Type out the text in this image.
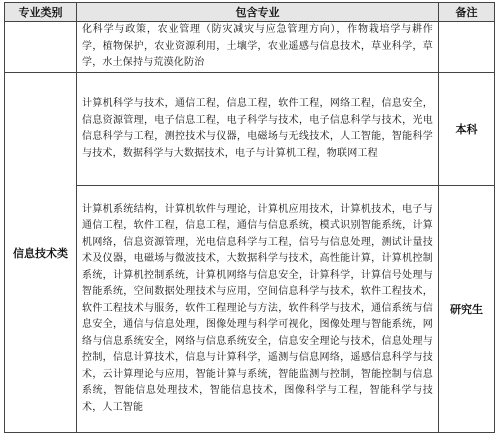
专业类别	包含专业	备注

	化科学与政策，农业管理（防灾减灾与应急管理方向），作物栽培学与耕作学，植物保护，农业资源利用，土壤学，农业遥感与信息技术，草业科学，草学，水土保持与荒漠化防治	

信息技术类	计算机科学与技术，通信工程，信息工程，软件工程，网络工程，信息安全，信息资源管理，电子信息工程，电子科学与技术，电子信息科学与技术，光电信息科学与工程，测控技术与仪器，电磁场与无线技术，人工智能，智能科学与技术，数据科学与大数据技术，电子与计算机工程，物联网工程	本科

	计算机系统结构，计算机软件与理论，计算机应用技术，计算机技术，电子与通信工程，软件工程，信息工程，通信与信息系统，模式识别智能系统，计算机网络，信息资源管理，光电信息科学与工程，信号与信息处理，测试计量技术及仪器，电磁场与微波技术，大数据科学与技术，高性能计算，计算机控制系统，计算机控制系统，计算机网络与信息安全，计算科学，计算信号处理与智能系统，空间数据处理技术与应用，空间信息科学与技术，软件工程技术，软件工程技术与服务，软件工程理论与方法，软件科学与技术，通信系统与信息安全，通信与信息处理，图像处理与科学可视化，图像处理与智能系统，网络与信息系统安全，网络与信息系统安全，信息安全理论与技术，信息处理与控制，信息计算技术，信息与计算科学，遥测与信息网络，遥感信息科学与技术，云计算理论与应用，智能计算与系统，智能监测与控制，智能控制与信息系统，智能信息处理技术，智能信息技术，图像科学与工程，智能科学与技术，人工智能	研究生
